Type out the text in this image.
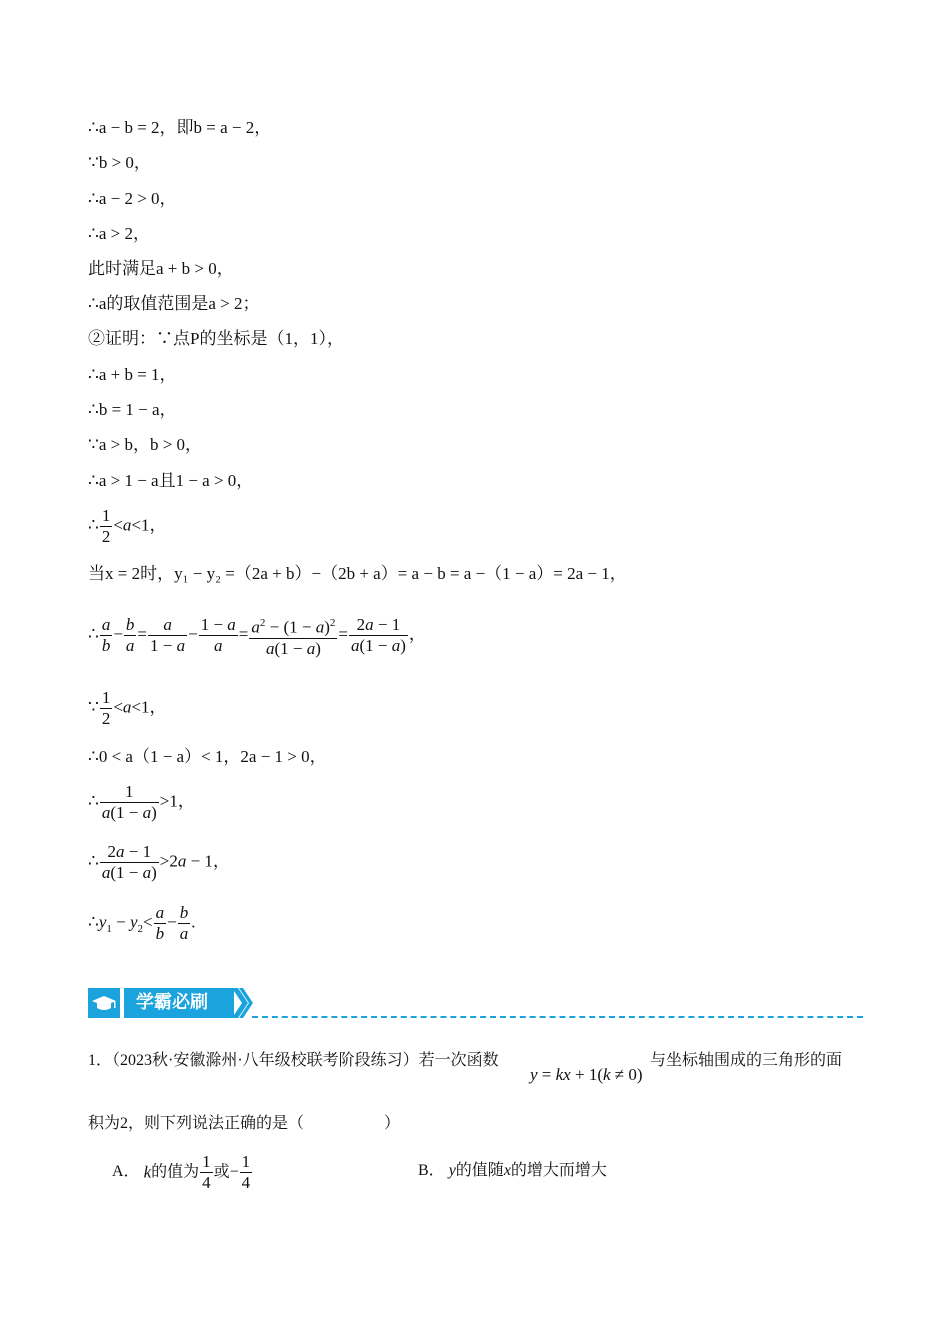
∴a − b = 2，即b = a − 2，
∵b > 0，
∴a − 2 > 0，
∴a > 2，
此时满足a + b > 0，
∴a的取值范围是a > 2；
②证明：∵点P的坐标是（1，1），
∴a + b = 1，
∴b = 1 − a，
∵a > b，b > 0，
∴a > 1 − a且1 − a > 0，
∴ $\frac{1}{2} <a<1$，
当x = 2时，y₁ − y₂ =（2a + b）−（2b + a）= a − b = a −（1 − a）= 2a − 1，
∴ $\frac{a}{b} - \frac{b}{a} = \frac{a}{1 - a} - \frac{1 - a}{a} = \frac{a^2 - (1 - a)^2}{a(1 - a)} = \frac{2a - 1}{a(1 - a)}$ ，
∵ $\frac{1}{2} <a<1$，
∴0 < a（1 − a）< 1，2a − 1 > 0，
∴ $\frac{1}{a(1 - a)} >1$，
∴ $\frac{2a - 1}{a(1 - a)} >2a - 1$，
$\therefore y_1 - y_2< \frac{a}{b} - \frac{b}{a}$ .
学霸必刷
1．（2023秋·安徽滁州·八年级校联考阶段练习）若一次函数
y = kx + 1(k ≠ 0)
与坐标轴围成的三角形的面
积为2，则下列说法正确的是（	）
A． k的值为 $\frac{1}{4}$ 或− $\frac{1}{4}$	B． y的值随x的增大而增大
